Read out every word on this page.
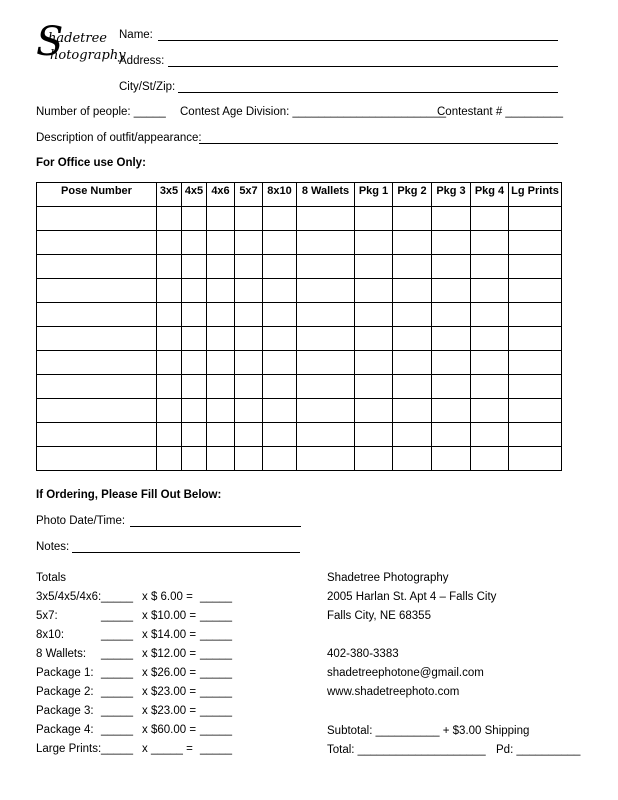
S
hadetree
hotography
Name:
Address:
City/St/Zip:
Number of people: _____ Contest Age Division: ________________________
Contestant # _________
Description of outfit/appearance:
For Office use Only:
Pose Number	3x5	4x5	4x6	5x7	8x10	8 Wallets	Pkg 1	Pkg 2	Pkg 3	Pkg 4	Lg Prints

If Ordering, Please Fill Out Below:
Photo Date/Time:
Notes:
Totals
3x5/4x5/4x6: _____ x $ 6.00 = _____
5x7:	_____ x $10.00 = _____
8x10:	_____ x $14.00 = _____
8 Wallets: _____ x $12.00 = _____
Package 1: _____ x $26.00 = _____
Package 2: _____ x $23.00 = _____
Package 3: _____ x $23.00 = _____
Package 4: _____ x $60.00 = _____
Large Prints: _____ x _____ = _____
Shadetree Photography
2005 Harlan St. Apt 4 – Falls City
Falls City, NE 68355
402-380-3383
shadetreephotone@gmail.com
www.shadetreephoto.com
Subtotal: __________ + $3.00 Shipping
Total: ____________________ Pd: __________
